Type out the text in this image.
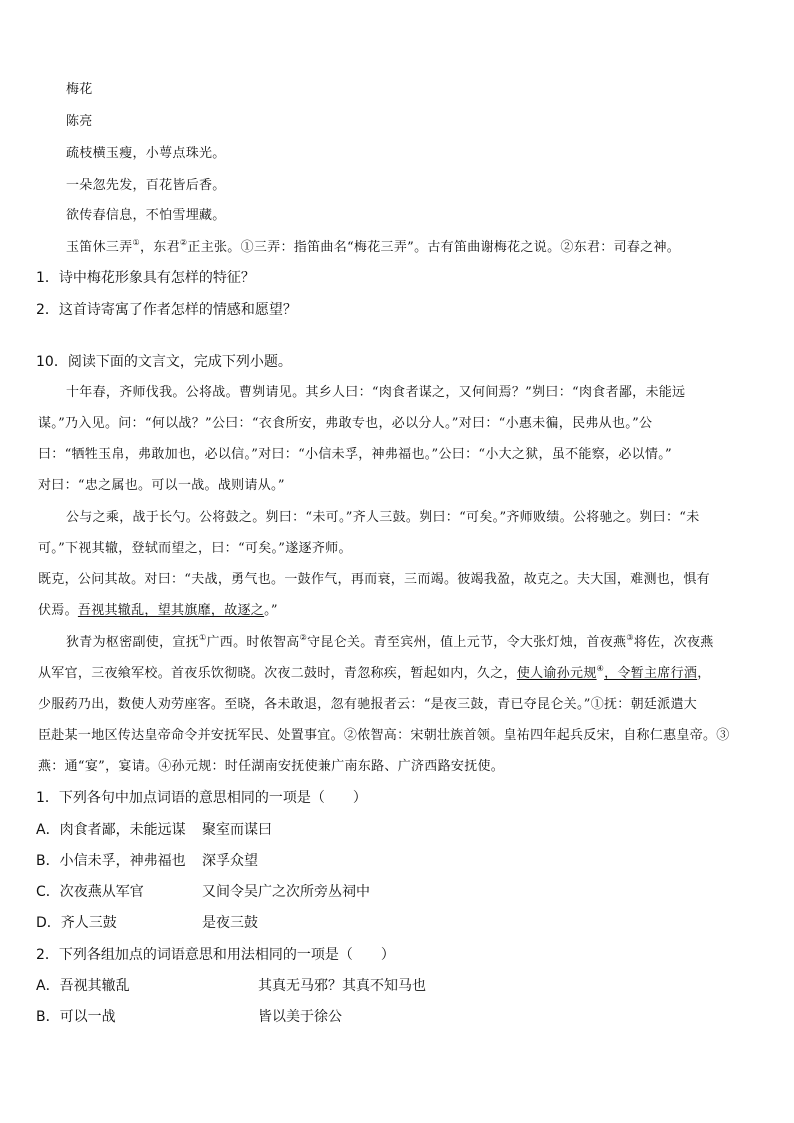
梅花
陈亮
疏枝横玉瘦，小萼点珠光。
一朵忽先发，百花皆后香。
欲传春信息，不怕雪埋藏。
玉笛休三弄①，东君②正主张。①三弄：指笛曲名“梅花三弄”。古有笛曲谢梅花之说。②东君：司春之神。
1．诗中梅花形象具有怎样的特征？
2．这首诗寄寓了作者怎样的情感和愿望？
10．阅读下面的文言文，完成下列小题。
十年春，齐师伐我。公将战。曹刿请见。其乡人曰：“肉食者谋之，又何间焉？”刿曰：“肉食者鄙，未能远
谋。”乃入见。问：“何以战？”公曰：“衣食所安，弗敢专也，必以分人。”对曰：“小惠未徧，民弗从也。”公
曰：“牺牲玉帛，弗敢加也，必以信。”对曰：“小信未孚，神弗福也。”公曰：“小大之狱，虽不能察，必以情。”
对曰：“忠之属也。可以一战。战则请从。”
公与之乘，战于长勺。公将鼓之。刿曰：“未可。”齐人三鼓。刿曰：“可矣。”齐师败绩。公将驰之。刿曰：“未
可。”下视其辙，登轼而望之，曰：“可矣。”遂逐齐师。
既克，公问其故。对曰：“夫战，勇气也。一鼓作气，再而衰，三而竭。彼竭我盈，故克之。夫大国，难测也，惧有
伏焉。吾视其辙乱，望其旗靡，故逐之。”
狄青为枢密副使，宣抚①广西。时侬智高②守昆仑关。青至宾州，值上元节，令大张灯烛，首夜燕③将佐，次夜燕
从军官，三夜飨军校。首夜乐饮彻晓。次夜二鼓时，青忽称疾，暂起如内，久之，使人谕孙元规④，令暂主席行酒，
少服药乃出，数使人劝劳座客。至晓，各未敢退，忽有驰报者云：“是夜三鼓，青已夺昆仑关。”①抚：朝廷派遣大
臣赴某一地区传达皇帝命令并安抚军民、处置事宜。②侬智高：宋朝壮族首领。皇祐四年起兵反宋，自称仁惠皇帝。③
燕：通“宴”，宴请。④孙元规：时任湖南安抚使兼广南东路、广济西路安抚使。
1．下列各句中加点词语的意思相同的一项是（　　）
A．肉食者鄙，未能远谋 聚室而谋曰
B．小信未孚，神弗福也 深孚众望
C．次夜燕从军官	又间令吴广之次所旁丛祠中
D．齐人三鼓	是夜三鼓
2．下列各组加点的词语意思和用法相同的一项是（　　）
A．吾视其辙乱	其真无马邪？其真不知马也
B．可以一战	皆以美于徐公
